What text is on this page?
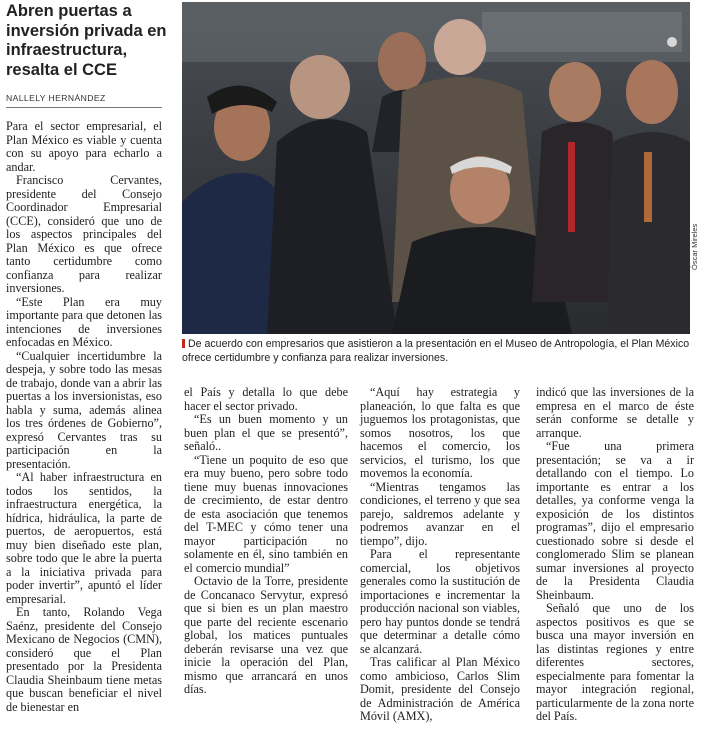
Abren puertas a inversión privada en infraestructura, resalta el CCE
NALLELY HERNÁNDEZ

Para el sector empresarial, el Plan México es viable y cuenta con su apoyo para echarlo a andar.

Francisco Cervantes, presidente del Consejo Coordinador Empresarial (CCE), consideró que uno de los aspectos principales del Plan México es que ofrece tanto certidumbre como confianza para realizar inversiones.

“Este Plan era muy importante para que detonen las intenciones de inversiones enfocadas en México.

“Cualquier incertidumbre la despeja, y sobre todo las mesas de trabajo, donde van a abrir las puertas a los inversionistas, eso habla y suma, además alinea los tres órdenes de Gobierno”, expresó Cervantes tras su participación en la presentación.

“Al haber infraestructura en todos los sentidos, la infraestructura energética, la hídrica, hidráulica, la parte de puertos, de aeropuertos, está muy bien diseñado este plan, sobre todo que le abre la puerta a la iniciativa privada para poder invertir”, apuntó el líder empresarial.

En tanto, Rolando Vega Saénz, presidente del Consejo Mexicano de Negocios (CMN), consideró que el Plan presentado por la Presidenta Claudia Sheinbaum tiene metas que buscan beneficiar el nivel de bienestar en

Óscar Mireles
De acuerdo con empresarios que asistieron a la presentación en el Museo de Antropología, el Plan México ofrece certidumbre y confianza para realizar inversiones.

el País y detalla lo que debe hacer el sector privado.

“Es un buen momento y un buen plan el que se presentó”, señaló..

“Tiene un poquito de eso que era muy bueno, pero sobre todo tiene muy buenas innovaciones de crecimiento, de estar dentro de esta asociación que tenemos del T-MEC y cómo tener una mayor participación no solamente en él, sino también en el comercio mundial”

Octavio de la Torre, presidente de Concanaco Servytur, expresó que si bien es un plan maestro que parte del reciente escenario global, los matices puntuales deberán revisarse una vez que inicie la operación del Plan, mismo que arrancará en unos días.

“Aquí hay estrategia y planeación, lo que falta es que juguemos los protagonistas, que somos nosotros, los que hacemos el comercio, los servicios, el turismo, los que movemos la economía.

“Mientras tengamos las condiciones, el terreno y que sea parejo, saldremos adelante y podremos avanzar en el tiempo”, dijo.

Para el representante comercial, los objetivos generales como la sustitución de importaciones e incrementar la producción nacional son viables, pero hay puntos donde se tendrá que determinar a detalle cómo se alcanzará.

Tras calificar al Plan México como ambicioso, Carlos Slim Domit, presidente del Consejo de Administración de América Móvil (AMX),

indicó que las inversiones de la empresa en el marco de éste serán conforme se detalle y arranque.

“Fue una primera presentación; se va a ir detallando con el tiempo. Lo importante es entrar a los detalles, ya conforme venga la exposición de los distintos programas”, dijo el empresario cuestionado sobre si desde el conglomerado Slim se planean sumar inversiones al proyecto de la Presidenta Claudia Sheinbaum.

Señaló que uno de los aspectos positivos es que se busca una mayor inversión en las distintas regiones y entre diferentes sectores, especialmente para fomentar la mayor integración regional, particularmente de la zona norte del País.
